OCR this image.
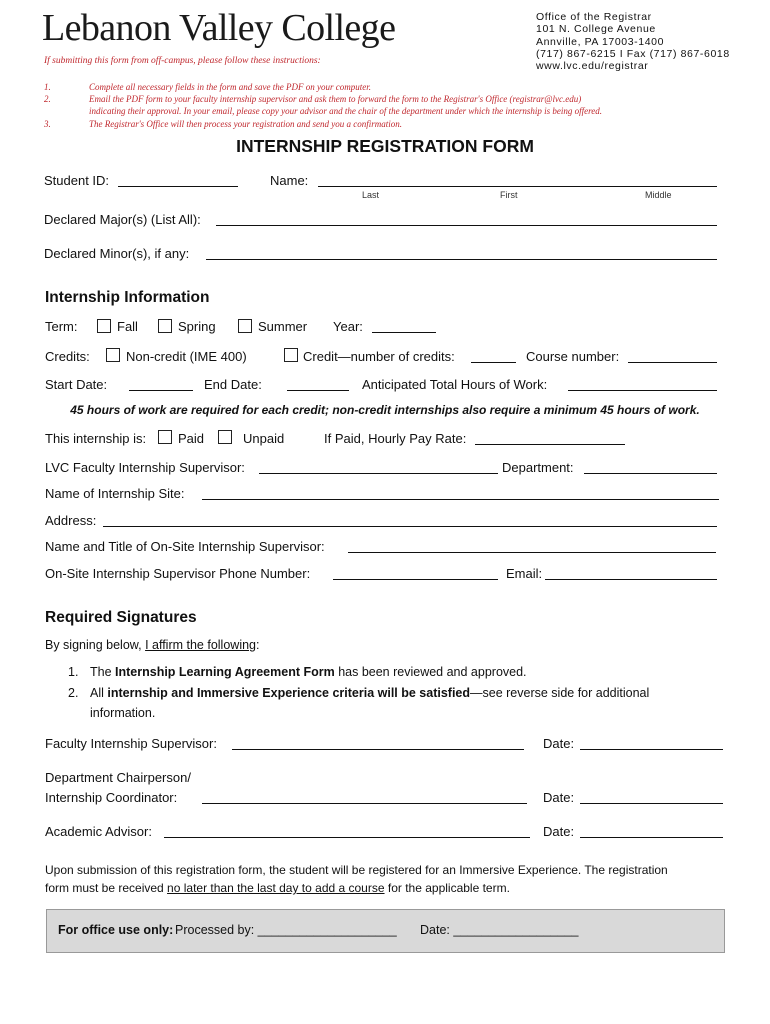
Lebanon Valley College	Office of the Registrar
101 N. College Avenue
Annville, PA 17003-1400
(717) 867-6215 I Fax (717) 867-6018
www.lvc.edu/registrar
If submitting this form from off-campus, please follow these instructions:
1.	Complete all necessary fields in the form and save the PDF on your computer.
2.	Email the PDF form to your faculty internship supervisor and ask them to forward the form to the Registrar's Office (registrar@lvc.edu)
indicating their approval. In your email, please copy your advisor and the chair of the department under which the internship is being offered.
3.	The Registrar's Office will then process your registration and send you a confirmation.
INTERNSHIP REGISTRATION FORM
Student ID:	Name:
Last	First	Middle
Declared Major(s) (List All):
Declared Minor(s), if any:
Internship Information
Term:	Fall	Spring	Summer Year:
Credits:	Non-credit (IME 400)	Credit—number of credits:	Course number:
Start Date:	End Date:	Anticipated Total Hours of Work:
45 hours of work are required for each credit; non-credit internships also require a minimum 45 hours of work.
This internship is: Paid	Unpaid	If Paid, Hourly Pay Rate:
LVC Faculty Internship Supervisor:	Department:
Name of Internship Site:
Address:
Name and Title of On-Site Internship Supervisor:
On-Site Internship Supervisor Phone Number:	Email:
Required Signatures
By signing below, I affirm the following:
1. The Internship Learning Agreement Form has been reviewed and approved.
2. All internship and Immersive Experience criteria will be satisfied—see reverse side for additional
information.
Faculty Internship Supervisor:	Date:
Department Chairperson/
Internship Coordinator:	Date:
Academic Advisor:	Date:
Upon submission of this registration form, the student will be registered for an Immersive Experience. The registration
form must be received no later than the last day to add a course for the applicable term.
For office use only: Processed by: ____________________ Date: __________________
